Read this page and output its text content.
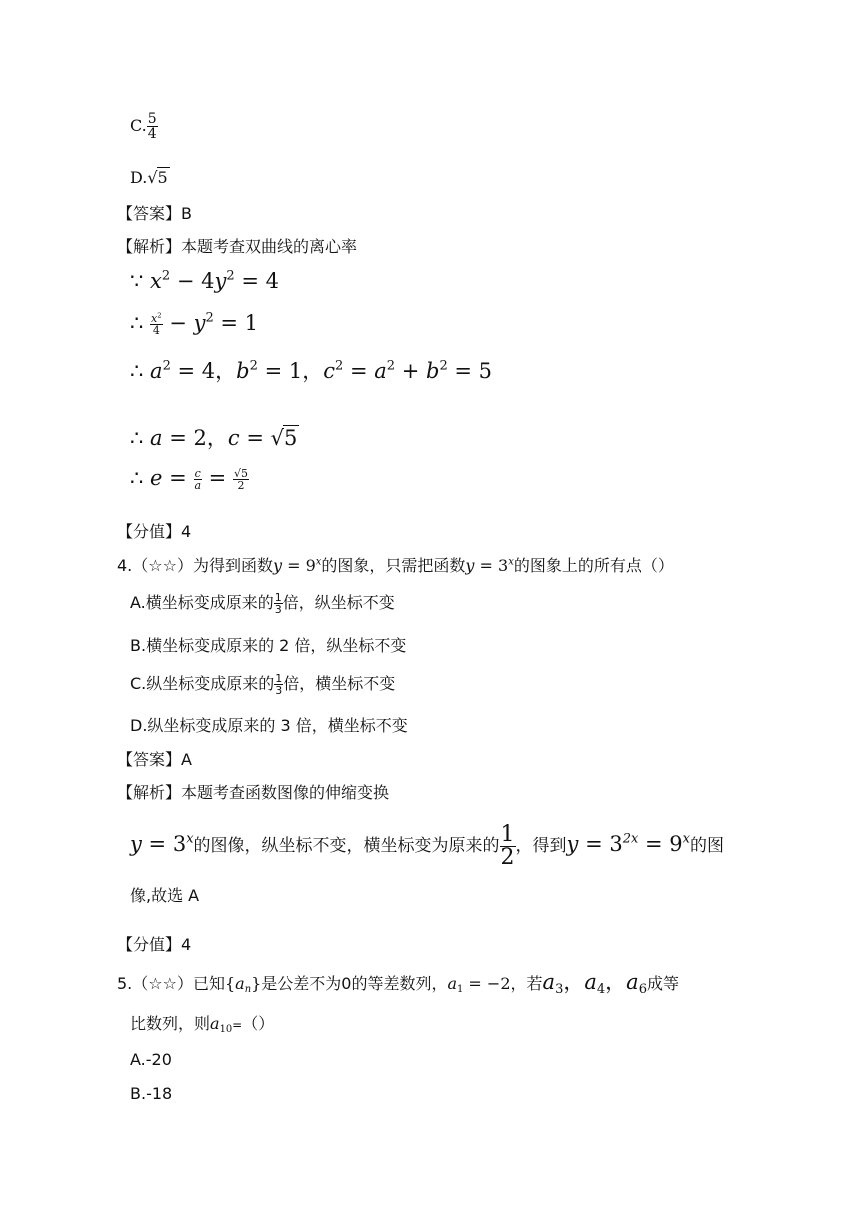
C. $\frac{5}{4}$
D.√5
【答案】B
【解析】本题考查双曲线的离心率
∵ $x^2 - 4y^2 = 4$
∴ $\frac{x^2}{4} - y^2 = 1$
∴ $a^2 = 4$，$b^2 = 1$，$c^2 = a^2 + b^2 = 5$
∴ a = 2，c = √5
∴ $e = \frac{c}{a} = \frac{√5}{2}$
【分值】4
4.（☆☆）为得到函数$y = 9^x$的图象，只需把函数$y = 3^x$的图象上的所有点（）
A.横坐标变成原来的 $\frac{1}{3}$ 倍，纵坐标不变
B.横坐标变成原来的 2 倍，纵坐标不变
C.纵坐标变成原来的 $\frac{1}{3}$ 倍，横坐标不变
D.纵坐标变成原来的 3 倍，横坐标不变
【答案】A
【解析】本题考查函数图像的伸缩变换
$y = 3^x$的图像，纵坐标不变，横坐标变为原来的 $\frac{1}{2}$ ，得到$y = 3^{2x} = 9^x$的图
像,故选 A
【分值】4
5.（☆☆）已知$\{a_n\}$是公差不为0的等差数列，$a_1 = -2$，若$a_3$，$a_4$，$a_6$成等
比数列，则$a_{10}=()$
A.-20
B.-18
